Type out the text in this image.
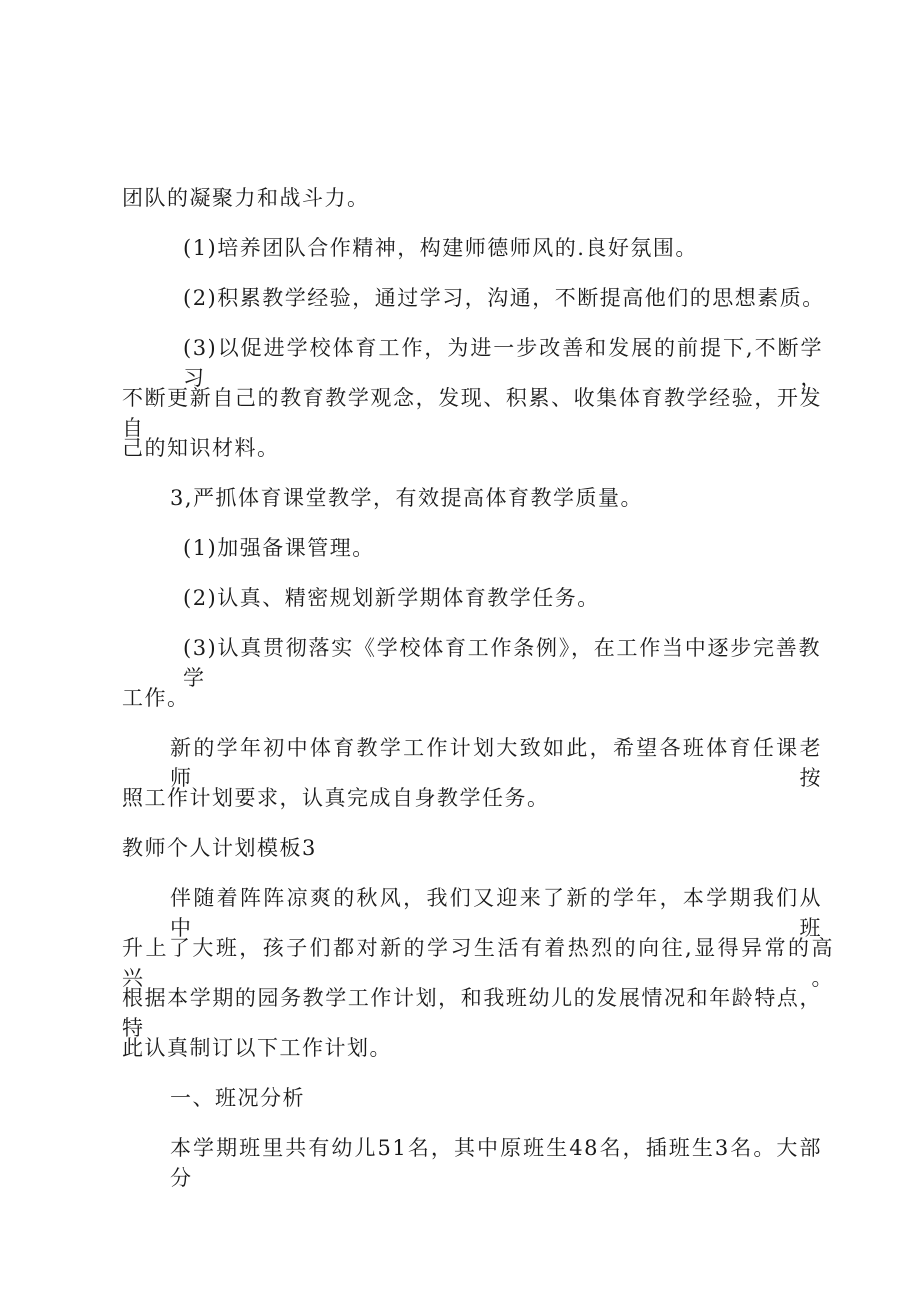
团队的凝聚力和战斗力。
(1)培养团队合作精神，构建师德师风的.良好氛围。
(2)积累教学经验，通过学习，沟通，不断提高他们的思想素质。
(3)以促进学校体育工作，为进一步改善和发展的前提下,不断学习，
不断更新自己的教育教学观念，发现、积累、收集体育教学经验，开发自
己的知识材料。
3,严抓体育课堂教学，有效提高体育教学质量。
(1)加强备课管理。
(2)认真、精密规划新学期体育教学任务。
(3)认真贯彻落实《学校体育工作条例》，在工作当中逐步完善教学
工作。
新的学年初中体育教学工作计划大致如此，希望各班体育任课老师按
照工作计划要求，认真完成自身教学任务。
教师个人计划模板3
伴随着阵阵凉爽的秋风，我们又迎来了新的学年，本学期我们从中班
升上了大班，孩子们都对新的学习生活有着热烈的向往,显得异常的高兴。
根据本学期的园务教学工作计划，和我班幼儿的发展情况和年龄特点，特
此认真制订以下工作计划。
一、班况分析
本学期班里共有幼儿51名，其中原班生48名，插班生3名。大部分
